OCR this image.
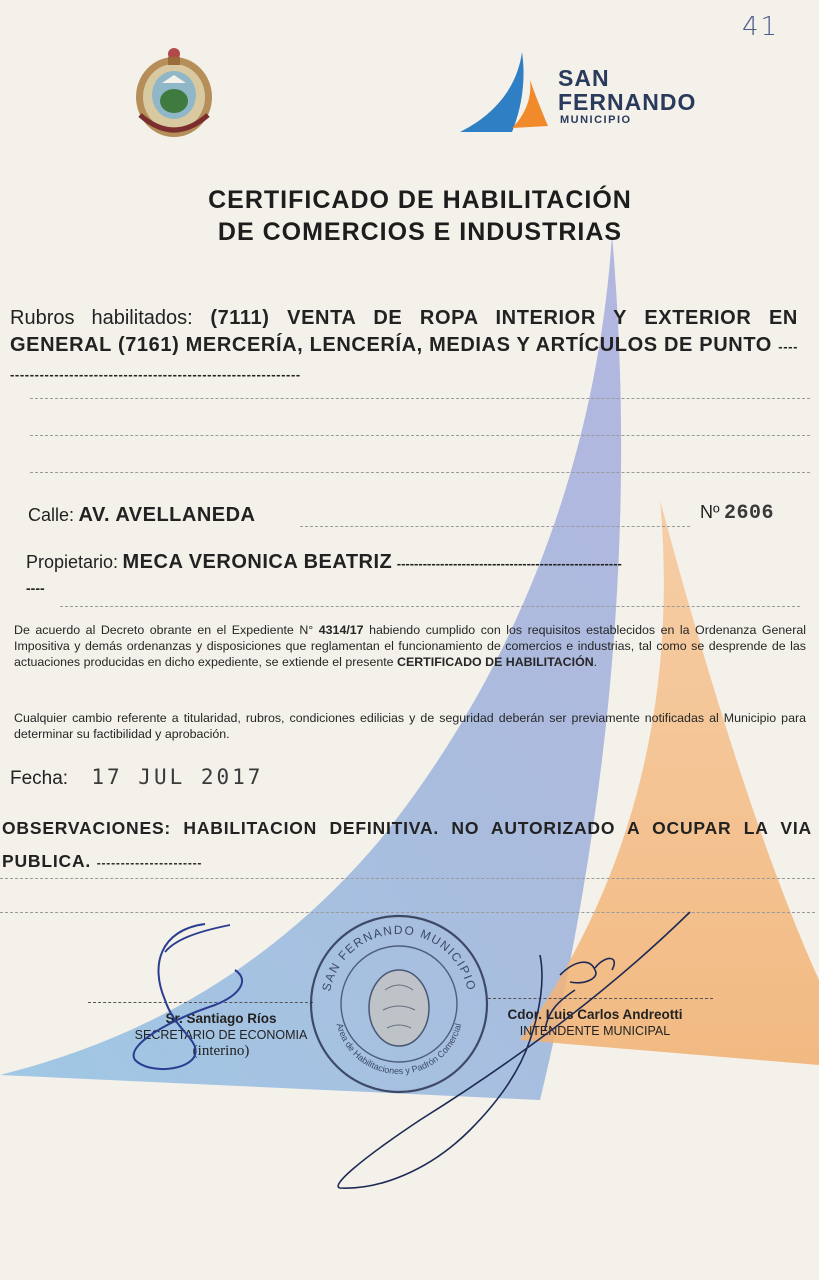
41
SAN
FERNANDO
MUNICIPIO
CERTIFICADO DE HABILITACIÓN
DE COMERCIOS E INDUSTRIAS
Rubros habilitados: (7111) VENTA DE ROPA INTERIOR Y EXTERIOR EN GENERAL (7161) MERCERÍA, LENCERÍA, MEDIAS Y ARTÍCULOS DE PUNTO ---------------------------------------------------------------
Calle: AV. AVELLANEDA	Nº 2606
Propietario: MECA VERONICA BEATRIZ ----------------------------------------------------
----
De acuerdo al Decreto obrante en el Expediente N° 4314/17 habiendo cumplido con los requisitos establecidos en la Ordenanza General Impositiva y demás ordenanzas y disposiciones que reglamentan el funcionamiento de comercios e industrias, tal como se desprende de las actuaciones producidas en dicho expediente, se extiende el presente CERTIFICADO DE HABILITACIÓN.
Cualquier cambio referente a titularidad, rubros, condiciones edilicias y de seguridad deberán ser previamente notificadas al Municipio para determinar su factibilidad y aprobación.
Fecha: 17 JUL 2017
OBSERVACIONES: HABILITACION DEFINITIVA. NO AUTORIZADO A OCUPAR LA VIA PUBLICA. ----------------------
Sr. Santiago Ríos
SECRETARIO DE ECONOMIA
(interino)
Cdor. Luis Carlos Andreotti
INTENDENTE MUNICIPAL
SAN FERNANDO MUNICIPIO
Area de Habilitaciones y Padrón Comercial
